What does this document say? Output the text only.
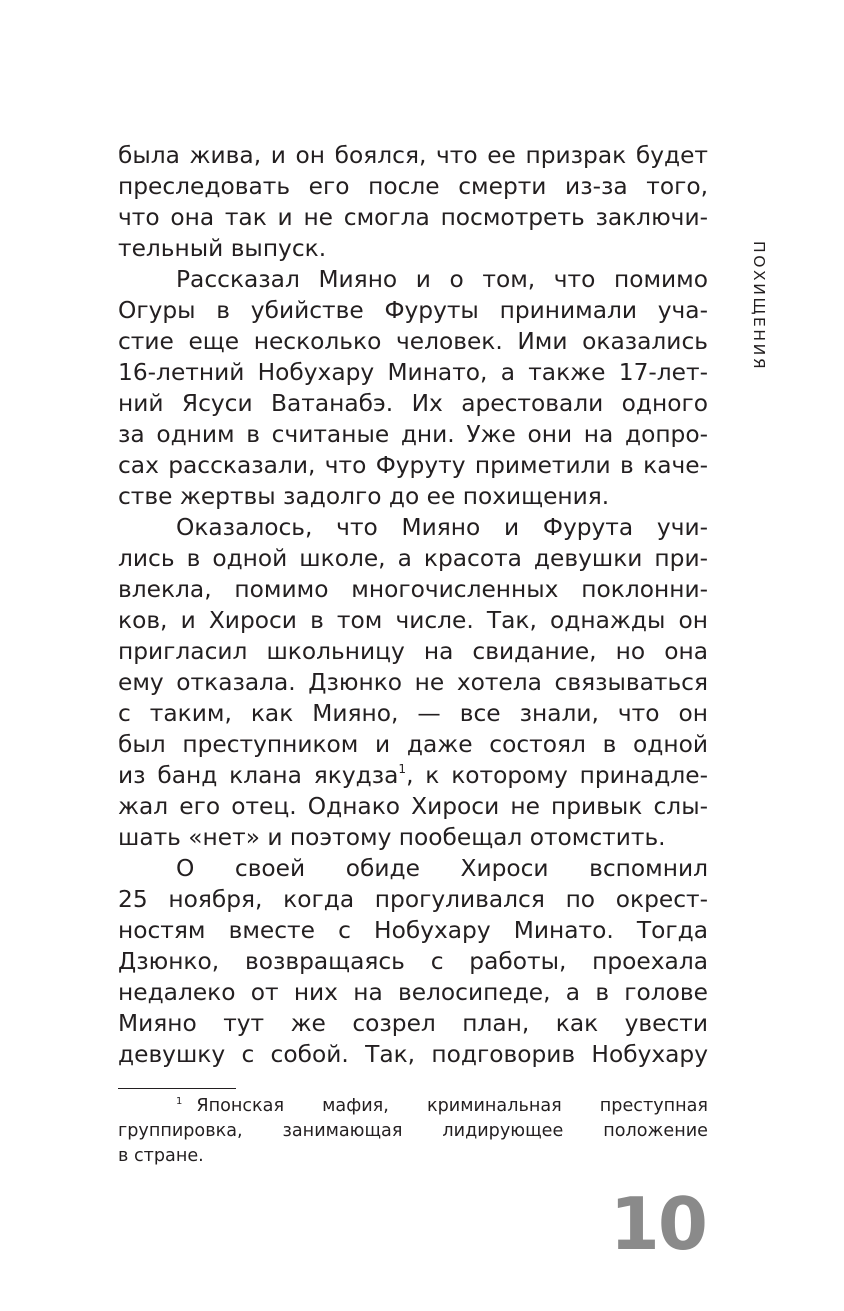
ПОХИЩЕНИЯ
была жива, и он боялся, что ее призрак будет
преследовать его после смерти из-за того,
что она так и не смогла посмотреть заключи-
тельный выпуск.
Рассказал Мияно и о том, что помимо
Огуры в убийстве Фуруты принимали уча-
стие еще несколько человек. Ими оказались
16-летний Нобухару Минато, а также 17-лет-
ний Ясуси Ватанабэ. Их арестовали одного
за одним в считаные дни. Уже они на допро-
сах рассказали, что Фуруту приметили в каче-
стве жертвы задолго до ее похищения.
Оказалось, что Мияно и Фурута учи-
лись в одной школе, а красота девушки при-
влекла, помимо многочисленных поклонни-
ков, и Хироси в том числе. Так, однажды он
пригласил школьницу на свидание, но она
ему отказала. Дзюнко не хотела связываться
с таким, как Мияно, — все знали, что он
был преступником и даже состоял в одной
из банд клана якудза$^1$, к которому принадле-
жал его отец. Однако Хироси не привык слы-
шать «нет» и поэтому пообещал отомстить.
О своей обиде Хироси вспомнил
25 ноября, когда прогуливался по окрест-
ностям вместе с Нобухару Минато. Тогда
Дзюнко, возвращаясь с работы, проехала
недалеко от них на велосипеде, а в голове
Мияно тут же созрел план, как увести
девушку с собой. Так, подговорив Нобухару
$^1$ Японская мафия, криминальная преступная
группировка, занимающая лидирующее положение
в стране.
10
